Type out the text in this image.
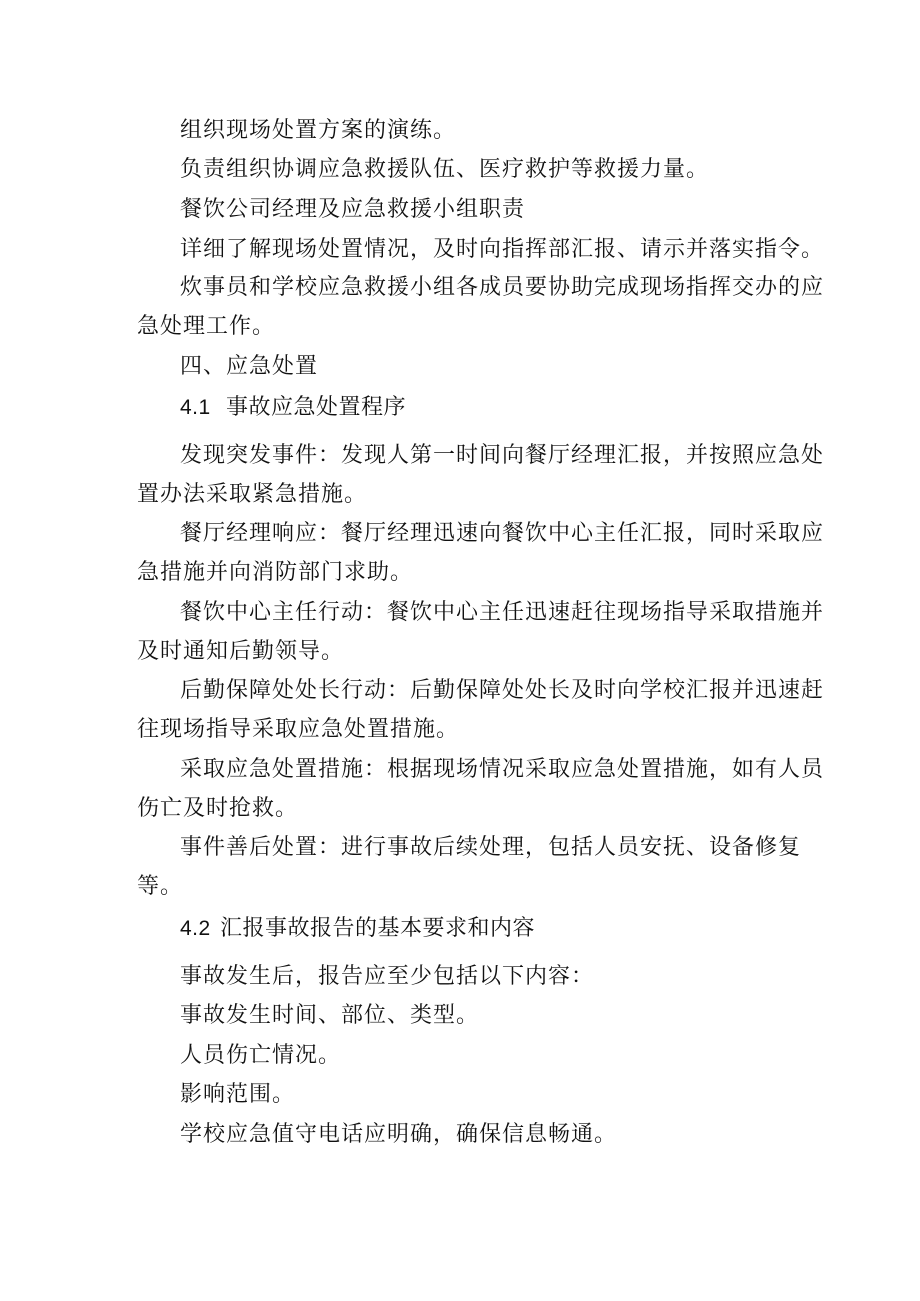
组织现场处置方案的演练。
负责组织协调应急救援队伍、医疗救护等救援力量。
餐饮公司经理及应急救援小组职责
详细了解现场处置情况，及时向指挥部汇报、请示并落实指令。
炊事员和学校应急救援小组各成员要协助完成现场指挥交办的应
急处理工作。
四、应急处置
4.1 事故应急处置程序
发现突发事件：发现人第一时间向餐厅经理汇报，并按照应急处
置办法采取紧急措施。
餐厅经理响应：餐厅经理迅速向餐饮中心主任汇报，同时采取应
急措施并向消防部门求助。
餐饮中心主任行动：餐饮中心主任迅速赶往现场指导采取措施并
及时通知后勤领导。
后勤保障处处长行动：后勤保障处处长及时向学校汇报并迅速赶
往现场指导采取应急处置措施。
采取应急处置措施：根据现场情况采取应急处置措施，如有人员
伤亡及时抢救。
事件善后处置：进行事故后续处理，包括人员安抚、设备修复
等。
4.2 汇报事故报告的基本要求和内容
事故发生后，报告应至少包括以下内容：
事故发生时间、部位、类型。
人员伤亡情况。
影响范围。
学校应急值守电话应明确，确保信息畅通。
